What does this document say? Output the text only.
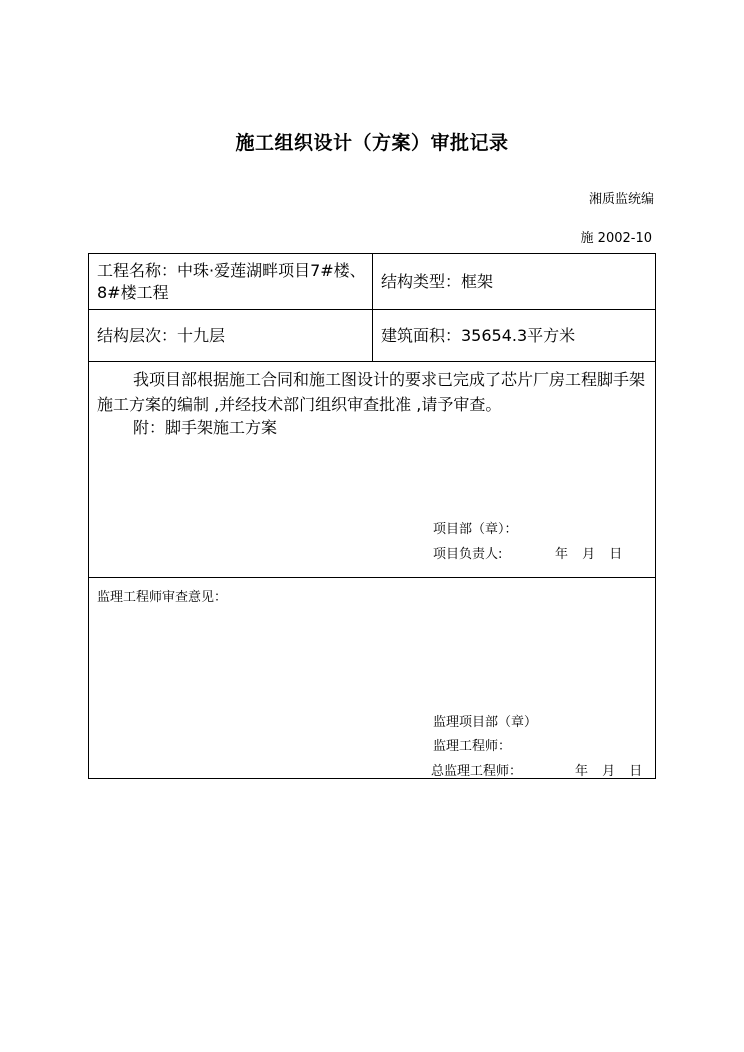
施工组织设计（方案）审批记录
湘质监统编
施 2002-10
工程名称：中珠·爱莲湖畔项目7#楼、8#楼工程
结构类型：框架
结构层次：十九层	建筑面积：35654.3平方米
我项目部根据施工合同和施工图设计的要求已完成了芯片厂房工程脚手架施工方案的编制 ,并经技术部门组织审查批准 ,请予审查。
附：脚手架施工方案
项目部（章）：
项目负责人:	年 月 日
监理工程师审查意见：
监理项目部（章）
监理工程师：
总监理工程师：	年 月 日
